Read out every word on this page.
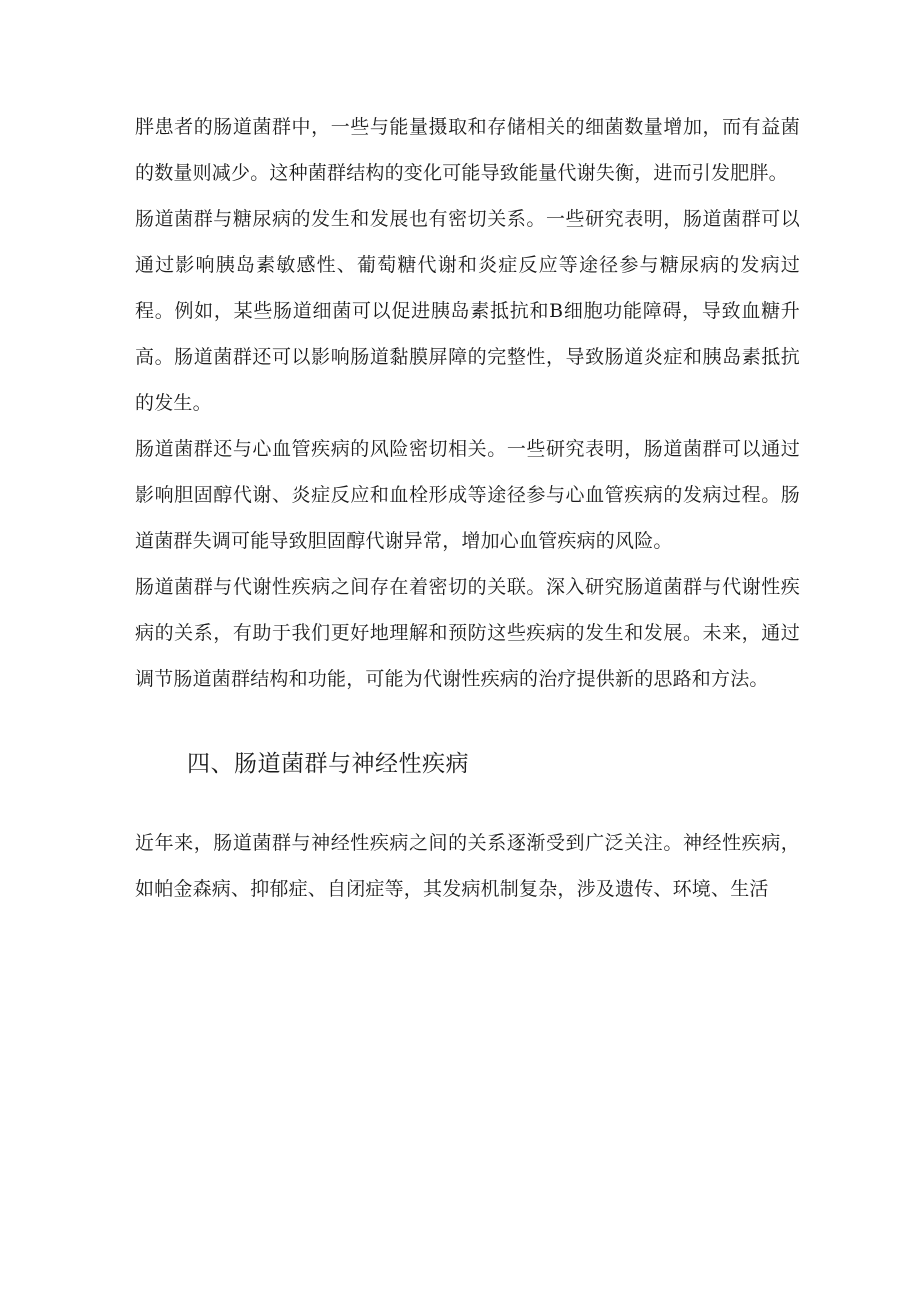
胖患者的肠道菌群中，一些与能量摄取和存储相关的细菌数量增加，而有益菌的数量则减少。这种菌群结构的变化可能导致能量代谢失衡，进而引发肥胖。

肠道菌群与糖尿病的发生和发展也有密切关系。一些研究表明，肠道菌群可以通过影响胰岛素敏感性、葡萄糖代谢和炎症反应等途径参与糖尿病的发病过程。例如，某些肠道细菌可以促进胰岛素抵抗和B细胞功能障碍，导致血糖升高。肠道菌群还可以影响肠道黏膜屏障的完整性，导致肠道炎症和胰岛素抵抗的发生。

肠道菌群还与心血管疾病的风险密切相关。一些研究表明，肠道菌群可以通过影响胆固醇代谢、炎症反应和血栓形成等途径参与心血管疾病的发病过程。肠道菌群失调可能导致胆固醇代谢异常，增加心血管疾病的风险。

肠道菌群与代谢性疾病之间存在着密切的关联。深入研究肠道菌群与代谢性疾病的关系，有助于我们更好地理解和预防这些疾病的发生和发展。未来，通过调节肠道菌群结构和功能，可能为代谢性疾病的治疗提供新的思路和方法。

四、肠道菌群与神经性疾病

近年来，肠道菌群与神经性疾病之间的关系逐渐受到广泛关注。神经性疾病，如帕金森病、抑郁症、自闭症等，其发病机制复杂，涉及遗传、环境、生活
